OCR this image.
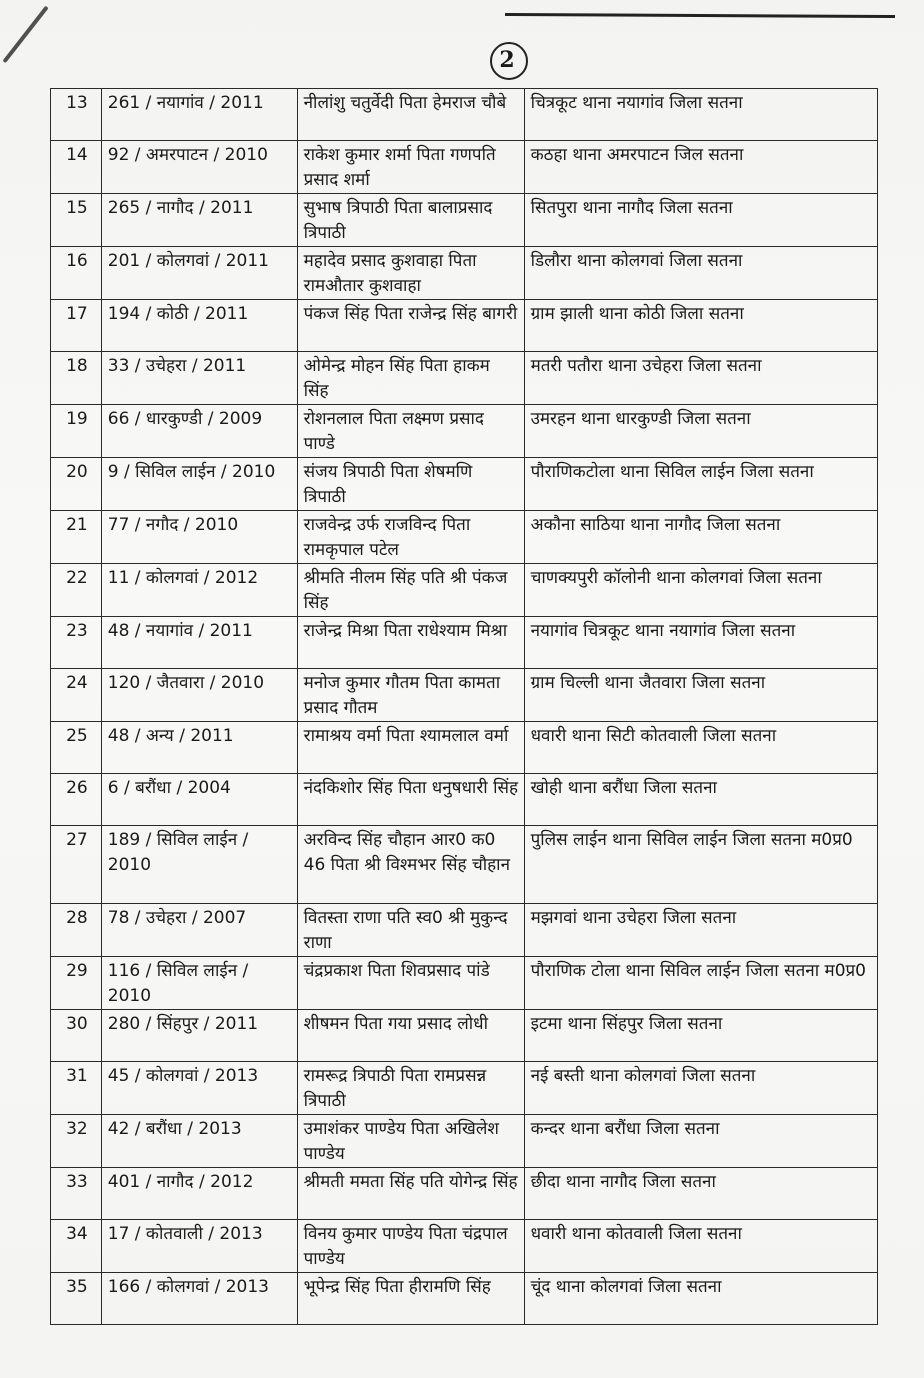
2
13	261 / नयागांव / 2011	नीलांशु चतुर्वेदी पिता हेमराज चौबे	चित्रकूट थाना नयागांव जिला सतना
14	92 / अमरपाटन / 2010	राकेश कुमार शर्मा पिता गणपति प्रसाद शर्मा	कठहा थाना अमरपाटन जिल सतना
15	265 / नागौद / 2011	सुभाष त्रिपाठी पिता बालाप्रसाद त्रिपाठी	सितपुरा थाना नागौद जिला सतना
16	201 / कोलगवां / 2011	महादेव प्रसाद कुशवाहा पिता रामऔतार कुशवाहा	डिलौरा थाना कोलगवां जिला सतना
17	194 / कोठी / 2011	पंकज सिंह पिता राजेन्द्र सिंह बागरी	ग्राम झाली थाना कोठी जिला सतना
18	33 / उचेहरा / 2011	ओमेन्द्र मोहन सिंह पिता हाकम सिंह	मतरी पतौरा थाना उचेहरा जिला सतना
19	66 / धारकुण्डी / 2009	रोशनलाल पिता लक्ष्मण प्रसाद पाण्डे	उमरहन थाना धारकुण्डी जिला सतना
20	9 / सिविल लाईन / 2010	संजय त्रिपाठी पिता शेषमणि त्रिपाठी	पौराणिकटोला थाना सिविल लाईन जिला सतना
21	77 / नगौद / 2010	राजवेन्द्र उर्फ राजविन्द पिता रामकृपाल पटेल	अकौना साठिया थाना नागौद जिला सतना
22	11 / कोलगवां / 2012	श्रीमति नीलम सिंह पति श्री पंकज सिंह	चाणक्यपुरी कॉलोनी थाना कोलगवां जिला सतना
23	48 / नयागांव / 2011	राजेन्द्र मिश्रा पिता राधेश्याम मिश्रा	नयागांव चित्रकूट थाना नयागांव जिला सतना
24	120 / जैतवारा / 2010	मनोज कुमार गौतम पिता कामता प्रसाद गौतम	ग्राम चिल्ली थाना जैतवारा जिला सतना
25	48 / अन्य / 2011	रामाश्रय वर्मा पिता श्यामलाल वर्मा	धवारी थाना सिटी कोतवाली जिला सतना
26	6 / बरौंधा / 2004	नंदकिशोर सिंह पिता धनुषधारी सिंह	खोही थाना बरौंधा जिला सतना
27	189 / सिविल लाईन / 2010	अरविन्द सिंह चौहान आर0 क0 46 पिता श्री विश्मभर सिंह चौहान	पुलिस लाईन थाना सिविल लाईन जिला सतना म0प्र0
28	78 / उचेहरा / 2007	वितस्ता राणा पति स्व0 श्री मुकुन्द राणा	मझगवां थाना उचेहरा जिला सतना
29	116 / सिविल लाईन / 2010	चंद्रप्रकाश पिता शिवप्रसाद पांडे	पौराणिक टोला थाना सिविल लाईन जिला सतना म0प्र0
30	280 / सिंहपुर / 2011	शीषमन पिता गया प्रसाद लोधी	इटमा थाना सिंहपुर जिला सतना
31	45 / कोलगवां / 2013	रामरूद्र त्रिपाठी पिता रामप्रसन्न त्रिपाठी	नई बस्ती थाना कोलगवां जिला सतना
32	42 / बरौंधा / 2013	उमाशंकर पाण्डेय पिता अखिलेश पाण्डेय	कन्दर थाना बरौंधा जिला सतना
33	401 / नागौद / 2012	श्रीमती ममता सिंह पति योगेन्द्र सिंह	छीदा थाना नागौद जिला सतना
34	17 / कोतवाली / 2013	विनय कुमार पाण्डेय पिता चंद्रपाल पाण्डेय	धवारी थाना कोतवाली जिला सतना
35	166 / कोलगवां / 2013	भूपेन्द्र सिंह पिता हीरामणि सिंह	चूंद थाना कोलगवां जिला सतना
